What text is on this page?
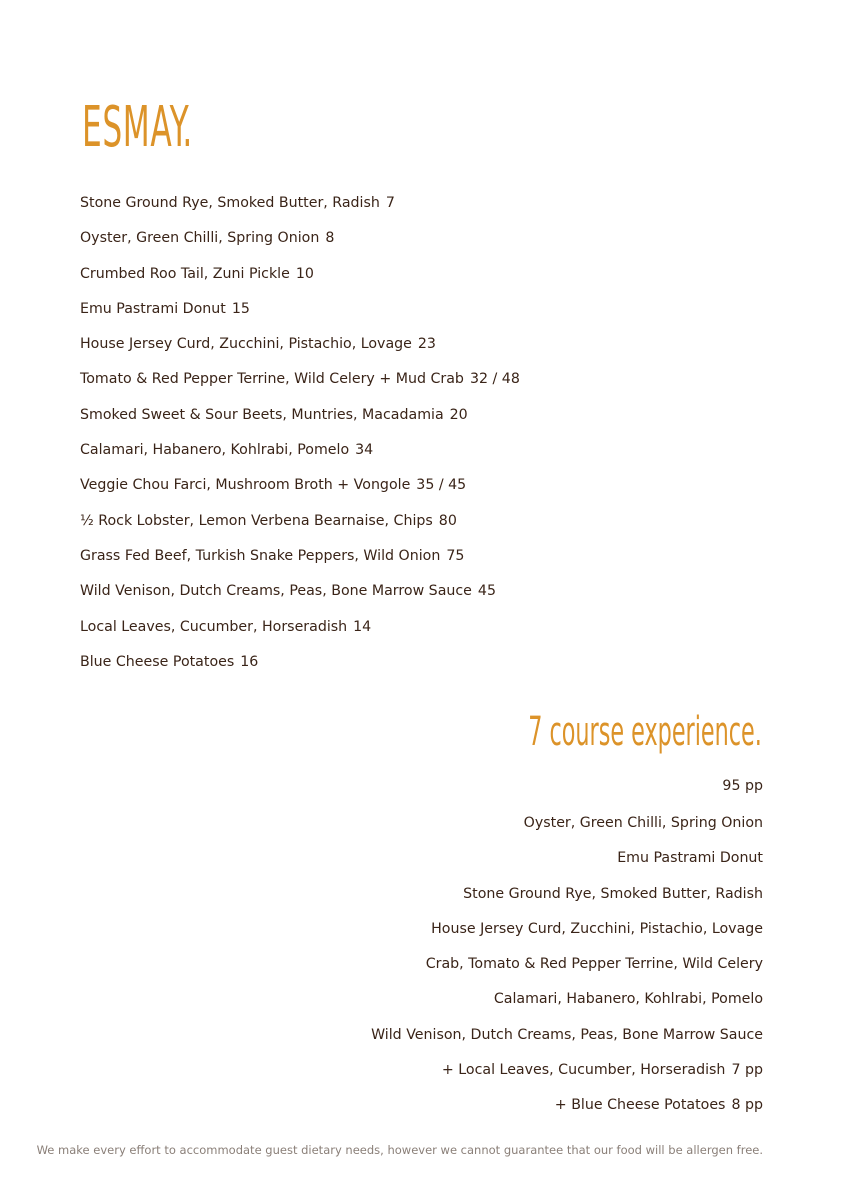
ESMAY.
Stone Ground Rye, Smoked Butter, Radish 7
Oyster, Green Chilli, Spring Onion 8
Crumbed Roo Tail, Zuni Pickle 10
Emu Pastrami Donut 15
House Jersey Curd, Zucchini, Pistachio, Lovage 23
Tomato & Red Pepper Terrine, Wild Celery + Mud Crab 32 / 48
Smoked Sweet & Sour Beets, Muntries, Macadamia 20
Calamari, Habanero, Kohlrabi, Pomelo 34
Veggie Chou Farci, Mushroom Broth + Vongole 35 / 45
½ Rock Lobster, Lemon Verbena Bearnaise, Chips 80
Grass Fed Beef, Turkish Snake Peppers, Wild Onion 75
Wild Venison, Dutch Creams, Peas, Bone Marrow Sauce 45
Local Leaves, Cucumber, Horseradish 14
Blue Cheese Potatoes 16
7 course experience.
95 pp
Oyster, Green Chilli, Spring Onion
Emu Pastrami Donut
Stone Ground Rye, Smoked Butter, Radish
House Jersey Curd, Zucchini, Pistachio, Lovage
Crab, Tomato & Red Pepper Terrine, Wild Celery
Calamari, Habanero, Kohlrabi, Pomelo
Wild Venison, Dutch Creams, Peas, Bone Marrow Sauce
+ Local Leaves, Cucumber, Horseradish 7 pp
+ Blue Cheese Potatoes 8 pp
We make every effort to accommodate guest dietary needs, however we cannot guarantee that our food will be allergen free.
